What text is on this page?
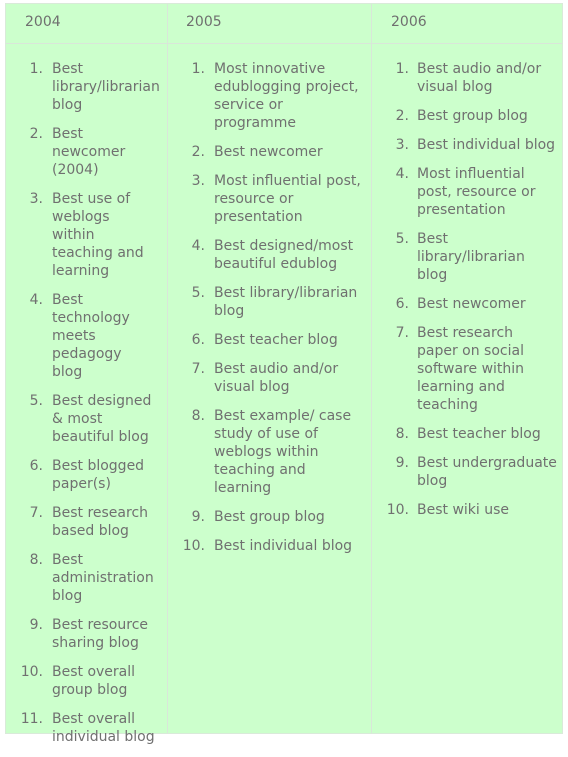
2004
1. Best library/librarian blog
2. Best newcomer (2004)
3. Best use of weblogs within teaching and learning
4. Best technology meets pedagogy blog
5. Best designed & most beautiful blog
6. Best blogged paper(s)
7. Best research based blog
8. Best administration blog
9. Best resource sharing blog
10. Best overall group blog
11. Best overall individual blog
2005
1. Most innovative edublogging project, service or programme
2. Best newcomer
3. Most influential post, resource or presentation
4. Best designed/most beautiful edublog
5. Best library/librarian blog
6. Best teacher blog
7. Best audio and/or visual blog
8. Best example/ case study of use of weblogs within teaching and learning
9. Best group blog
10. Best individual blog
2006
1. Best audio and/or visual blog
2. Best group blog
3. Best individual blog
4. Most influential post, resource or presentation
5. Best library/librarian blog
6. Best newcomer
7. Best research paper on social software within learning and teaching
8. Best teacher blog
9. Best undergraduate blog
10. Best wiki use
